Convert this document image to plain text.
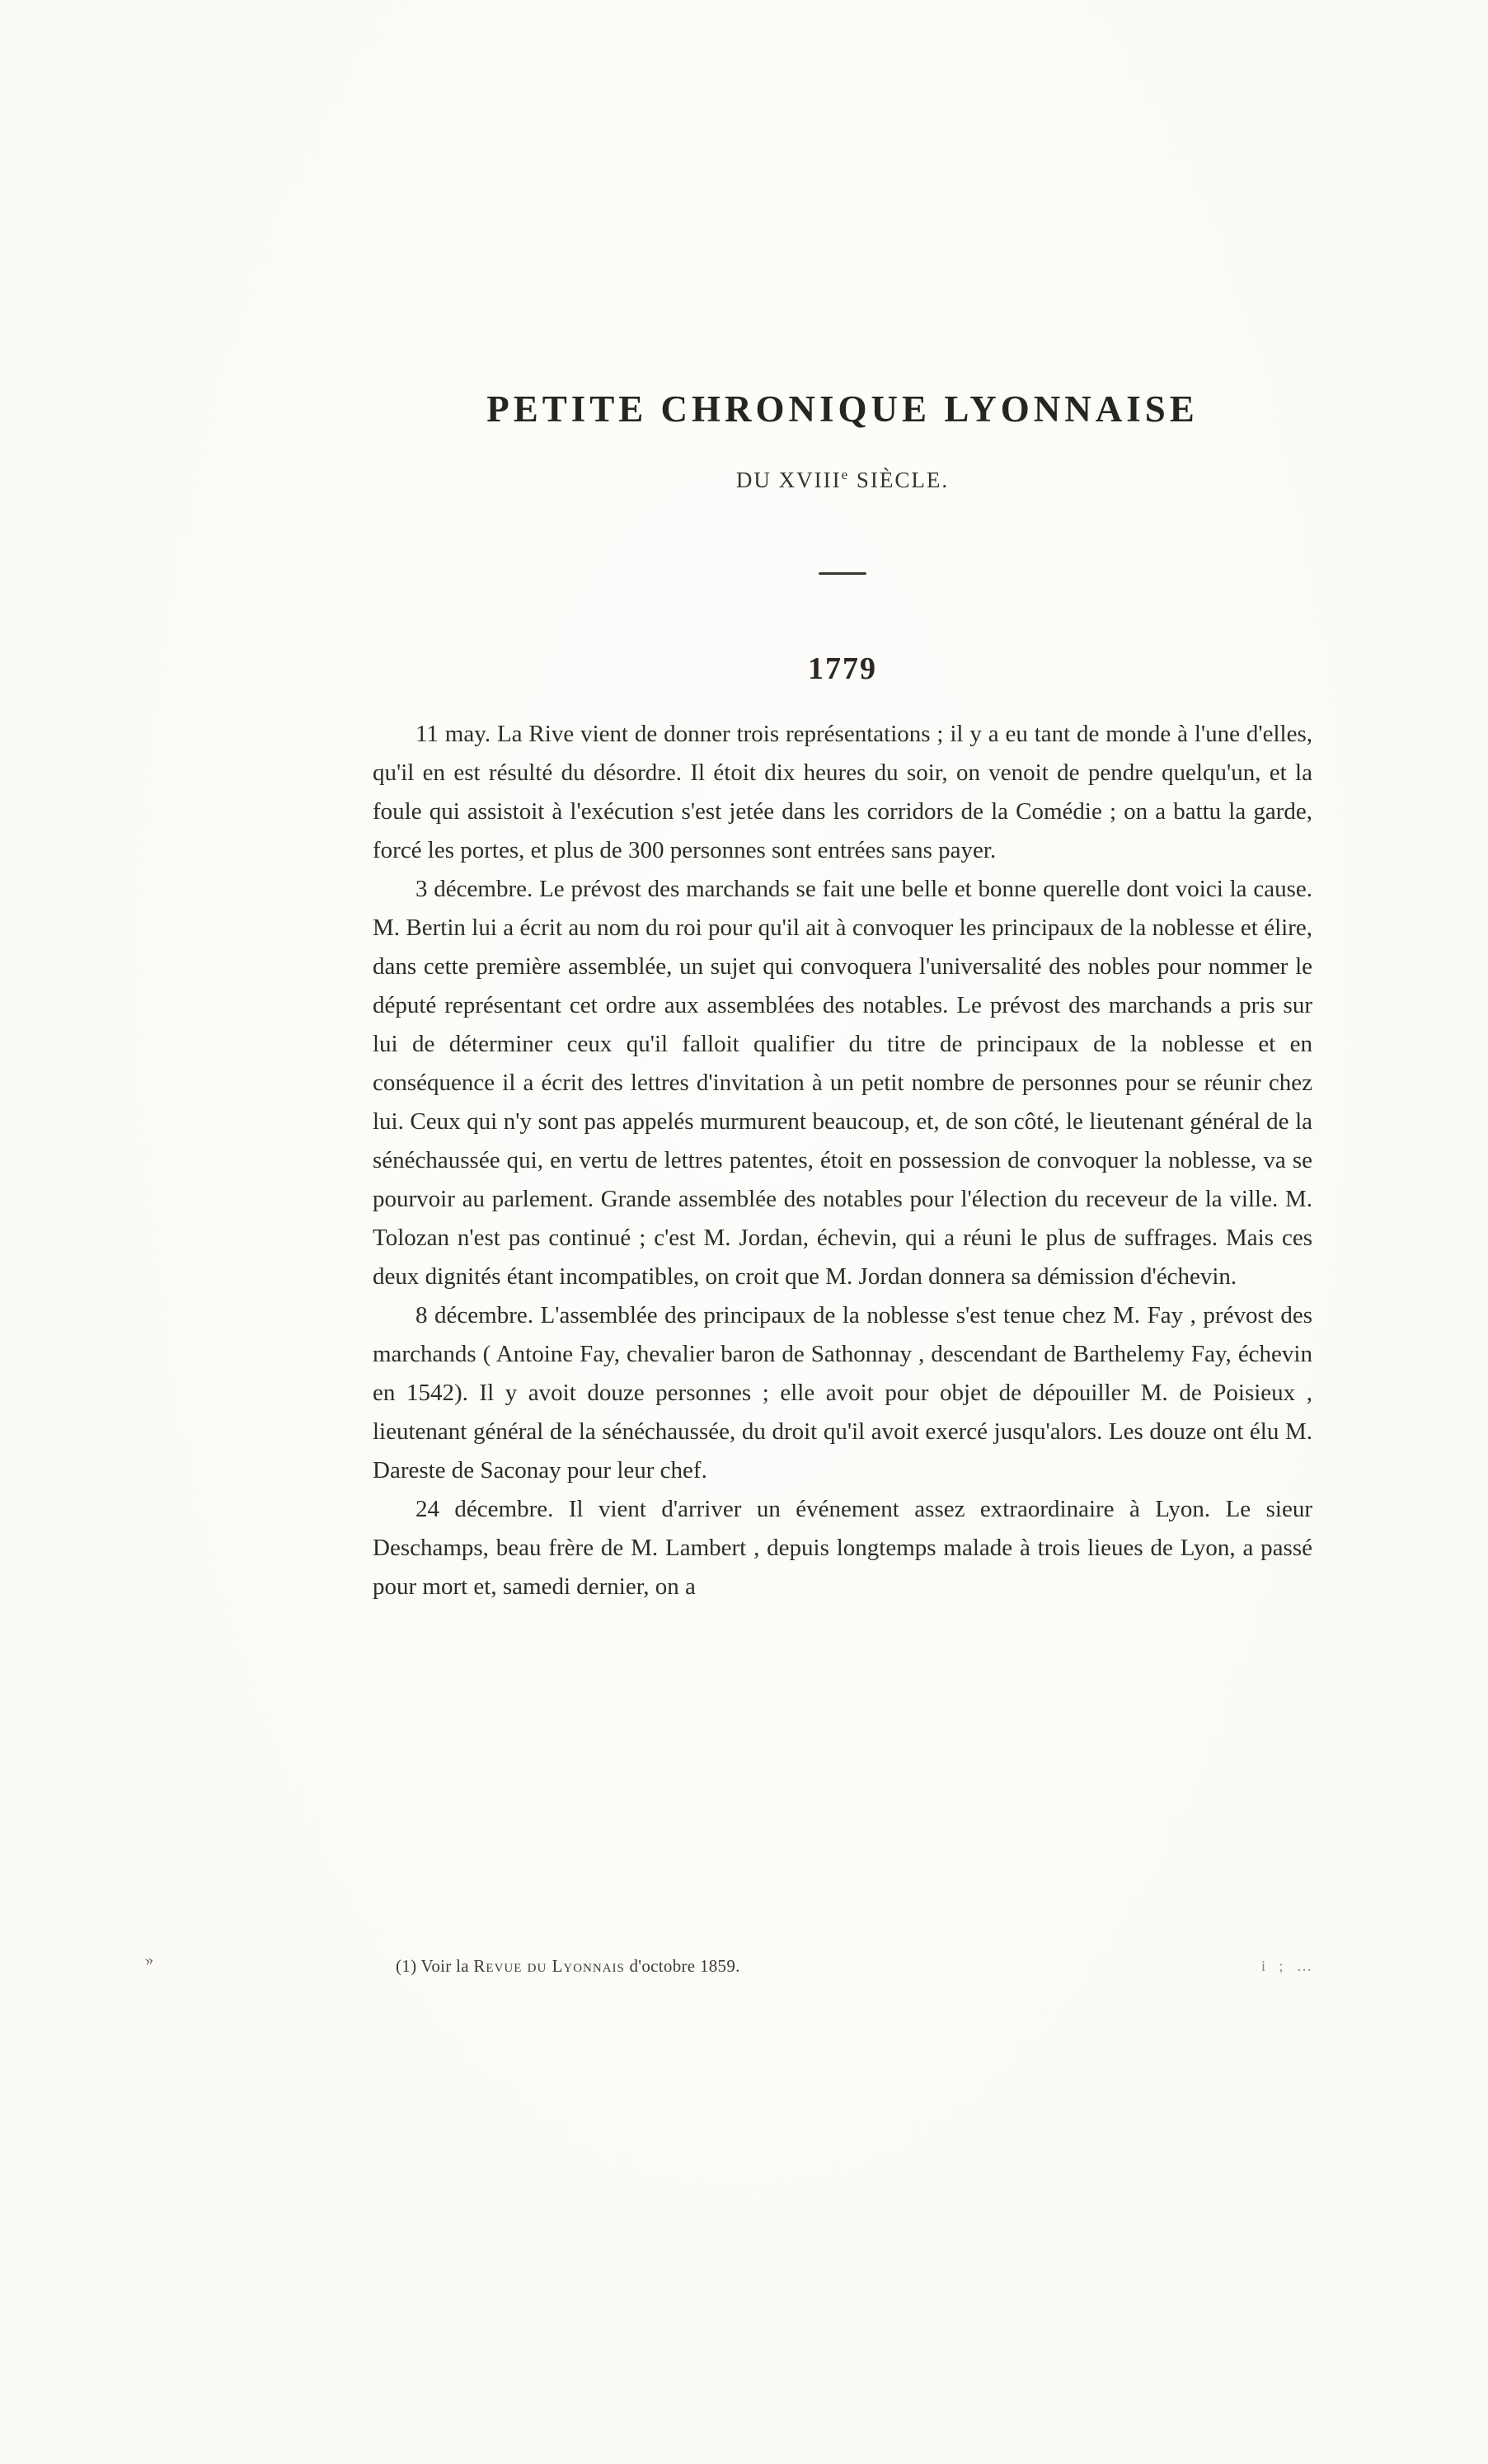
PETITE CHRONIQUE LYONNAISE
DU XVIIIe SIÈCLE.
1779

11 may. La Rive vient de donner trois représentations ; il y a eu tant de monde à l'une d'elles, qu'il en est résulté du désordre. Il étoit dix heures du soir, on venoit de pendre quelqu'un, et la foule qui assistoit à l'exécution s'est jetée dans les corridors de la Comédie ; on a battu la garde, forcé les portes, et plus de 300 personnes sont entrées sans payer.

3 décembre. Le prévost des marchands se fait une belle et bonne querelle dont voici la cause. M. Bertin lui a écrit au nom du roi pour qu'il ait à convoquer les principaux de la noblesse et élire, dans cette première assemblée, un sujet qui convoquera l'universalité des nobles pour nommer le député représentant cet ordre aux assemblées des notables. Le prévost des marchands a pris sur lui de déterminer ceux qu'il falloit qualifier du titre de principaux de la noblesse et en conséquence il a écrit des lettres d'invitation à un petit nombre de personnes pour se réunir chez lui. Ceux qui n'y sont pas appelés murmurent beaucoup, et, de son côté, le lieutenant général de la sénéchaussée qui, en vertu de lettres patentes, étoit en possession de convoquer la noblesse, va se pourvoir au parlement. Grande assemblée des notables pour l'élection du receveur de la ville. M. Tolozan n'est pas continué ; c'est M. Jordan, échevin, qui a réuni le plus de suffrages. Mais ces deux dignités étant incompatibles, on croit que M. Jordan donnera sa démission d'échevin.

8 décembre. L'assemblée des principaux de la noblesse s'est tenue chez M. Fay , prévost des marchands ( Antoine Fay, chevalier baron de Sathonnay , descendant de Barthelemy Fay, échevin en 1542). Il y avoit douze personnes ; elle avoit pour objet de dépouiller M. de Poisieux , lieutenant général de la sénéchaussée, du droit qu'il avoit exercé jusqu'alors. Les douze ont élu M. Dareste de Saconay pour leur chef.

24 décembre. Il vient d'arriver un événement assez extraordinaire à Lyon. Le sieur Deschamps, beau frère de M. Lambert , depuis longtemps malade à trois lieues de Lyon, a passé pour mort et, samedi dernier, on a

(1) Voir la Revue du Lyonnais d'octobre 1859.
»	i ; …
